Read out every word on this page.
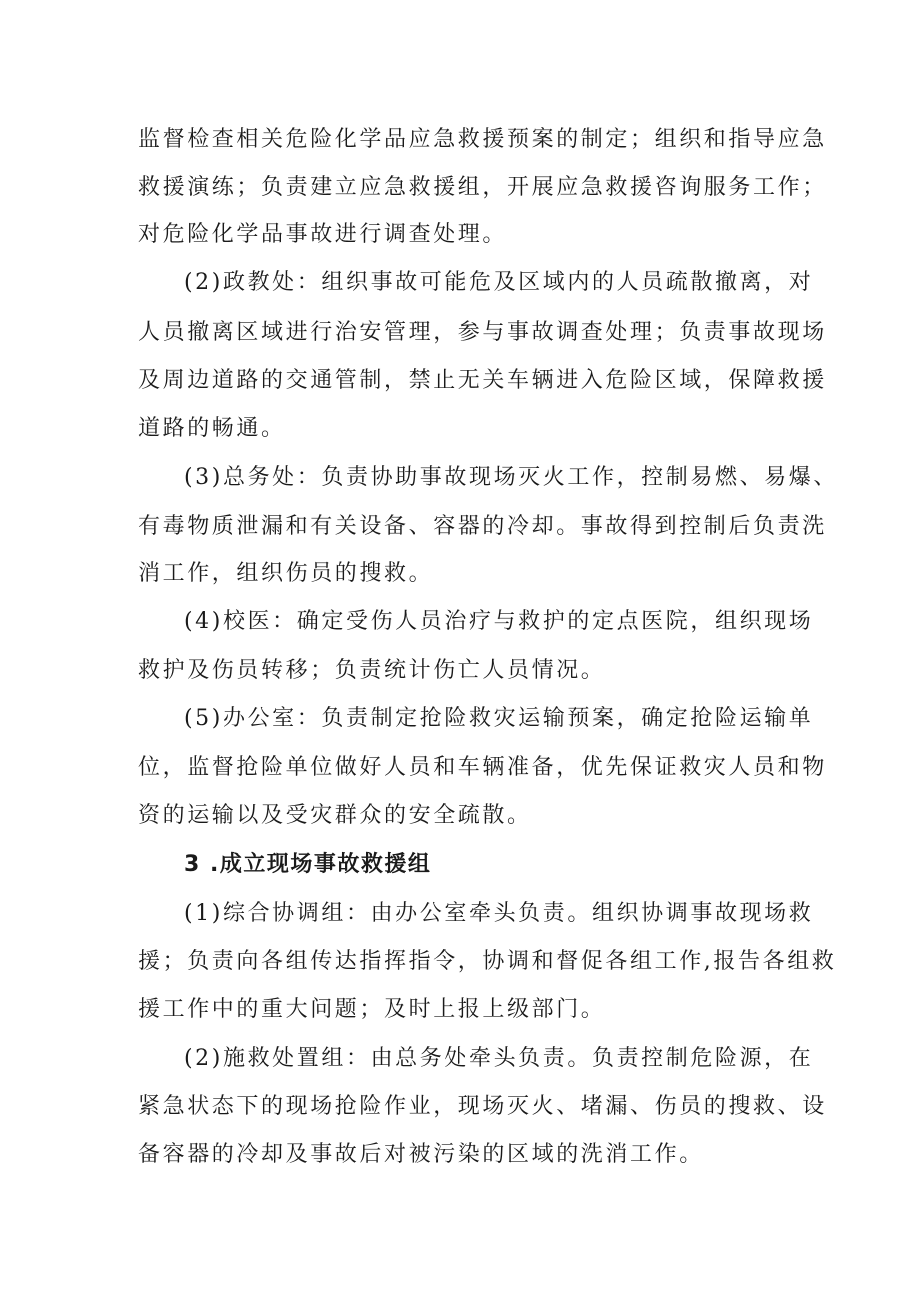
监督检查相关危险化学品应急救援预案的制定；组织和指导应急
救援演练；负责建立应急救援组，开展应急救援咨询服务工作；
对危险化学品事故进行调查处理。
(2)政教处：组织事故可能危及区域内的人员疏散撤离，对
人员撤离区域进行治安管理，参与事故调查处理；负责事故现场
及周边道路的交通管制，禁止无关车辆进入危险区域，保障救援
道路的畅通。
(3)总务处：负责协助事故现场灭火工作，控制易燃、易爆、
有毒物质泄漏和有关设备、容器的冷却。事故得到控制后负责洗
消工作，组织伤员的搜救。
(4)校医：确定受伤人员治疗与救护的定点医院，组织现场
救护及伤员转移；负责统计伤亡人员情况。
(5)办公室：负责制定抢险救灾运输预案，确定抢险运输单
位，监督抢险单位做好人员和车辆准备，优先保证救灾人员和物
资的运输以及受灾群众的安全疏散。
3 .成立现场事故救援组
(1)综合协调组：由办公室牵头负责。组织协调事故现场救
援；负责向各组传达指挥指令，协调和督促各组工作,报告各组救
援工作中的重大问题；及时上报上级部门。
(2)施救处置组：由总务处牵头负责。负责控制危险源，在
紧急状态下的现场抢险作业，现场灭火、堵漏、伤员的搜救、设
备容器的冷却及事故后对被污染的区域的洗消工作。
